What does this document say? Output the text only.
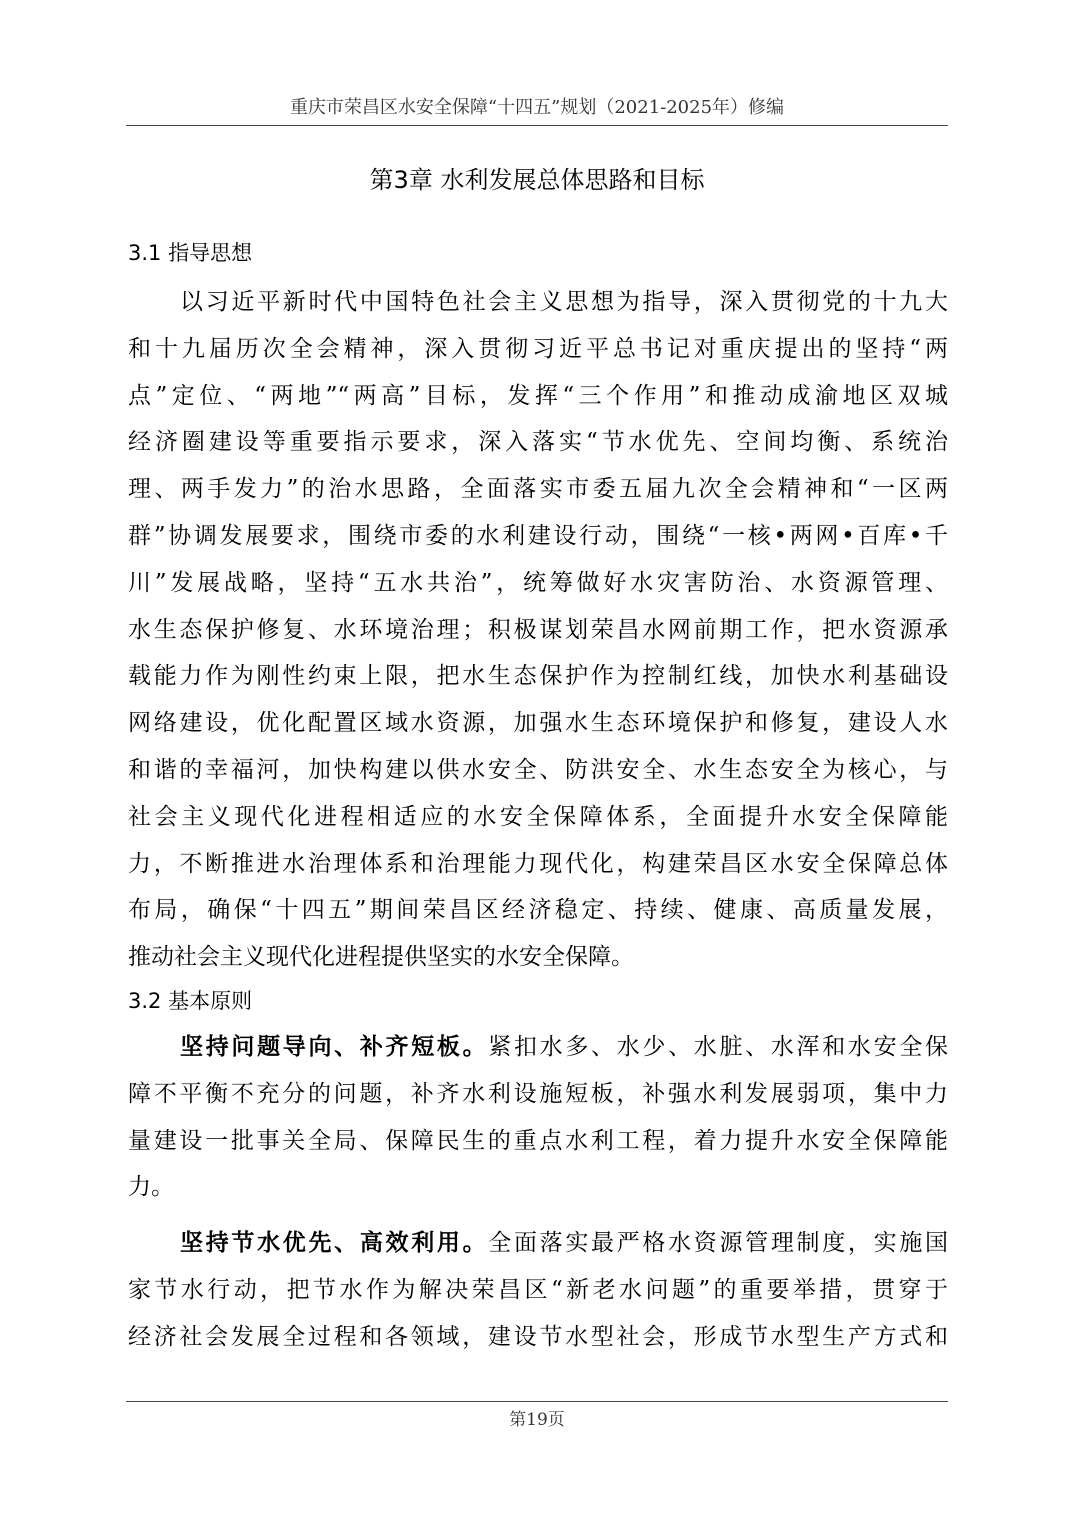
重庆市荣昌区水安全保障“十四五”规划（2021-2025年）修编
第3章 水利发展总体思路和目标
3.1 指导思想
以习近平新时代中国特色社会主义思想为指导，深入贯彻党的十九大
和十九届历次全会精神，深入贯彻习近平总书记对重庆提出的坚持“两
点”定位、“两地”“两高”目标，发挥“三个作用”和推动成渝地区双城
经济圈建设等重要指示要求，深入落实“节水优先、空间均衡、系统治
理、两手发力”的治水思路，全面落实市委五届九次全会精神和“一区两
群”协调发展要求，围绕市委的水利建设行动，围绕“一核•两网•百库•千
川”发展战略，坚持“五水共治”，统筹做好水灾害防治、水资源管理、
水生态保护修复、水环境治理；积极谋划荣昌水网前期工作，把水资源承
载能力作为刚性约束上限，把水生态保护作为控制红线，加快水利基础设
网络建设，优化配置区域水资源，加强水生态环境保护和修复，建设人水
和谐的幸福河，加快构建以供水安全、防洪安全、水生态安全为核心，与
社会主义现代化进程相适应的水安全保障体系，全面提升水安全保障能
力，不断推进水治理体系和治理能力现代化，构建荣昌区水安全保障总体
布局，确保“十四五”期间荣昌区经济稳定、持续、健康、高质量发展，
推动社会主义现代化进程提供坚实的水安全保障。
3.2 基本原则
坚持问题导向、补齐短板。紧扣水多、水少、水脏、水浑和水安全保
障不平衡不充分的问题，补齐水利设施短板，补强水利发展弱项，集中力
量建设一批事关全局、保障民生的重点水利工程，着力提升水安全保障能
力。
坚持节水优先、高效利用。全面落实最严格水资源管理制度，实施国
家节水行动，把节水作为解决荣昌区“新老水问题”的重要举措，贯穿于
经济社会发展全过程和各领域，建设节水型社会，形成节水型生产方式和
第19页
